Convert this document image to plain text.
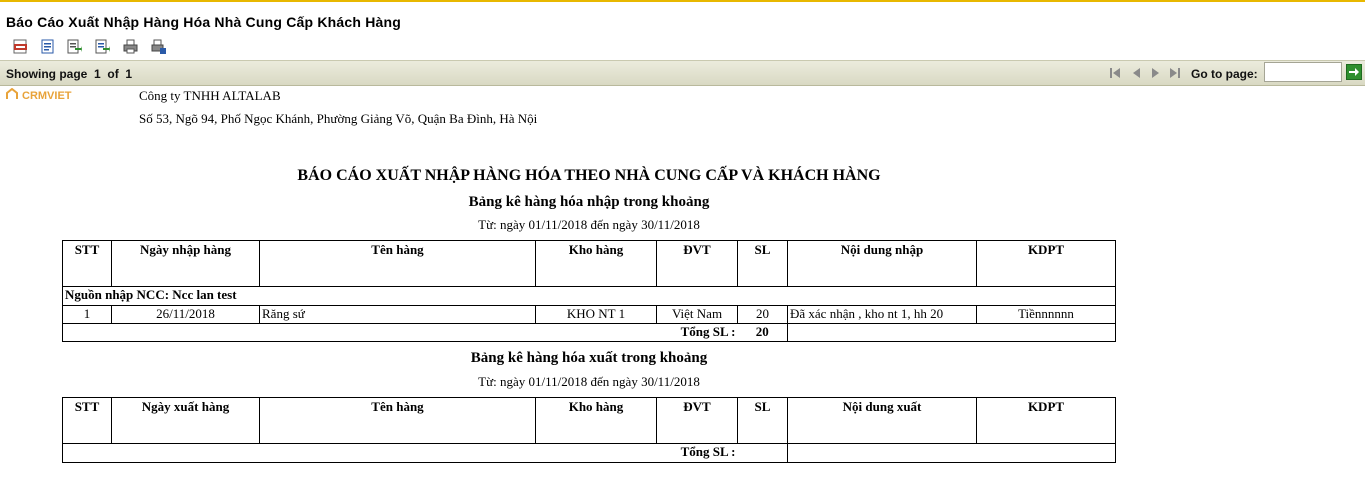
Báo Cáo Xuất Nhập Hàng Hóa Nhà Cung Cấp Khách Hàng
Showing page 1 of 1	Go to page:
CRMVIET	Công ty TNHH ALTALAB
Số 53, Ngõ 94, Phố Ngọc Khánh, Phường Giảng Võ, Quận Ba Đình, Hà Nội
BÁO CÁO XUẤT NHẬP HÀNG HÓA THEO NHÀ CUNG CẤP VÀ KHÁCH HÀNG
Bảng kê hàng hóa nhập trong khoảng
Từ: ngày 01/11/2018 đến ngày 30/11/2018
STT	Ngày nhập hàng	Tên hàng	Kho hàng	ĐVT	SL	Nội dung nhập	KDPT
Nguồn nhập NCC: Ncc lan test							
1	26/11/2018	Răng sứ	KHO NT 1	Việt Nam	20	Đã xác nhận , kho nt 1, hh 20	Tiềnnnnnn
Tổng SL :					20		
Bảng kê hàng hóa xuất trong khoảng
Từ: ngày 01/11/2018 đến ngày 30/11/2018
STT	Ngày xuất hàng	Tên hàng	Kho hàng	ĐVT	SL	Nội dung xuất	KDPT
Tổng SL :							
